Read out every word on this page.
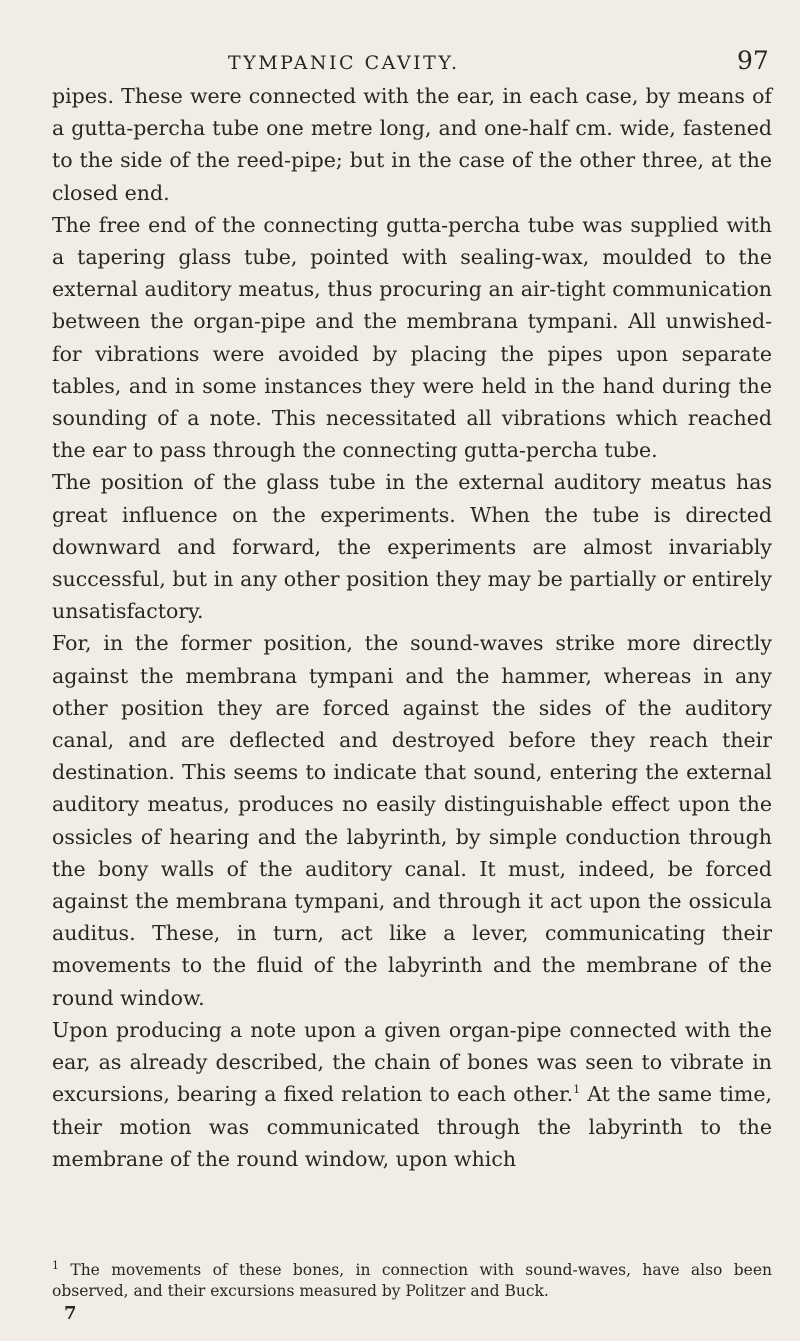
TYMPANIC CAVITY.	97

pipes. These were connected with the ear, in each case, by means of a gutta-percha tube one metre long, and one-half cm. wide, fastened to the side of the reed-pipe; but in the case of the other three, at the closed end.

The free end of the connecting gutta-percha tube was supplied with a tapering glass tube, pointed with sealing-wax, moulded to the external auditory meatus, thus procuring an air-tight communication between the organ-pipe and the membrana tympani. All unwished-for vibrations were avoided by placing the pipes upon separate tables, and in some instances they were held in the hand during the sounding of a note. This necessitated all vibrations which reached the ear to pass through the connecting gutta-percha tube.

The position of the glass tube in the external auditory meatus has great influence on the experiments. When the tube is directed downward and forward, the experiments are almost invariably successful, but in any other position they may be partially or entirely unsatisfactory.

For, in the former position, the sound-waves strike more directly against the membrana tympani and the hammer, whereas in any other position they are forced against the sides of the auditory canal, and are deflected and destroyed before they reach their destination. This seems to indicate that sound, entering the external auditory meatus, produces no easily distinguishable effect upon the ossicles of hearing and the labyrinth, by simple conduction through the bony walls of the auditory canal. It must, indeed, be forced against the membrana tympani, and through it act upon the ossicula auditus. These, in turn, act like a lever, communicating their movements to the fluid of the labyrinth and the membrane of the round window.

Upon producing a note upon a given organ-pipe connected with the ear, as already described, the chain of bones was seen to vibrate in excursions, bearing a fixed relation to each other.$^1$ At the same time, their motion was communicated through the labyrinth to the membrane of the round window, upon which

$^1$ The movements of these bones, in connection with sound-waves, have also been observed, and their excursions measured by Politzer and Buck.

7
